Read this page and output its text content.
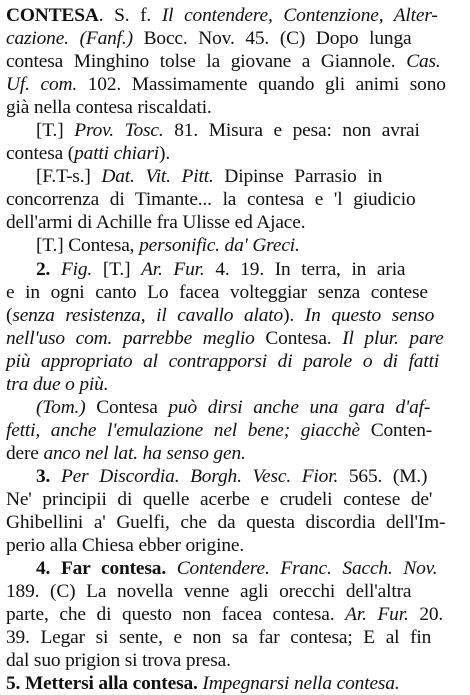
CONTESA. S. f. Il contendere, Contenzione, Alter-
cazione. (Fanf.) Bocc. Nov. 45. (C) Dopo lunga
contesa Minghino tolse la giovane a Giannole. Cas.
Uf. com. 102. Massimamente quando gli animi sono
già nella contesa riscaldati.
[T.] Prov. Tosc. 81. Misura e pesa: non avrai
contesa (patti chiari).
[F.T-s.] Dat. Vit. Pitt. Dipinse Parrasio in
concorrenza di Timante... la contesa e 'l giudicio
dell'armi di Achille fra Ulisse ed Ajace.
[T.] Contesa, personific. da' Greci.
2. Fig. [T.] Ar. Fur. 4. 19. In terra, in aria
e in ogni canto Lo facea volteggiar senza contese
(senza resistenza, il cavallo alato). In questo senso
nell'uso com. parrebbe meglio Contesa. Il plur. pare
più appropriato al contrapporsi di parole o di fatti
tra due o più.
(Tom.) Contesa può dirsi anche una gara d'af-
fetti, anche l'emulazione nel bene; giacchè Conten-
dere anco nel lat. ha senso gen.
3. Per Discordia. Borgh. Vesc. Fior. 565. (M.)
Ne' principii di quelle acerbe e crudeli contese de'
Ghibellini a' Guelfi, che da questa discordia dell'Im-
perio alla Chiesa ebber origine.
4. Far contesa. Contendere. Franc. Sacch. Nov.
189. (C) La novella venne agli orecchi dell'altra
parte, che di questo non facea contesa. Ar. Fur. 20.
39. Legar si sente, e non sa far contesa; E al fin
dal suo prigion si trova presa.
5. Mettersi alla contesa. Impegnarsi nella contesa.
